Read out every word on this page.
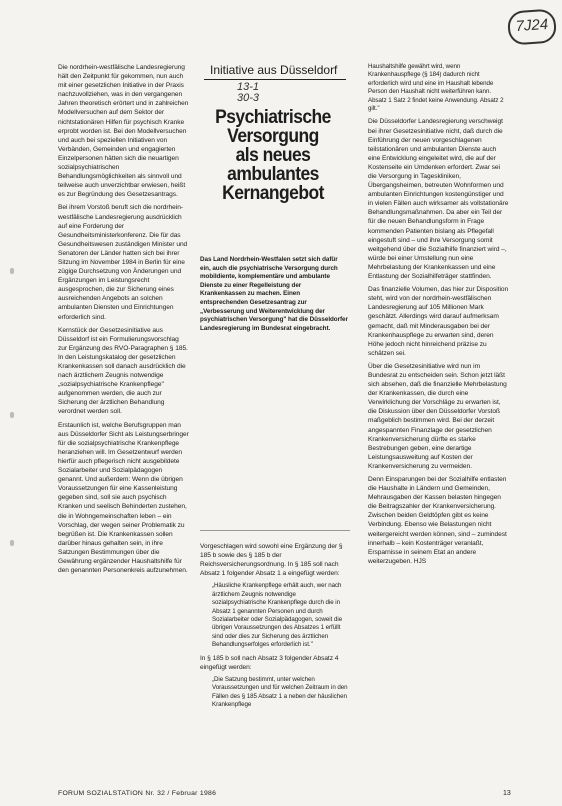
7J24
Initiative aus Düsseldorf
13-1
30-3
Psychiatrische
Versorgung
als neues
ambulantes
Kernangebot

Die nordrhein-westfälische Landesregierung hält den Zeitpunkt für gekommen, nun auch mit einer gesetzlichen Initiative in der Praxis nachzuvollziehen, was in den vergangenen Jahren theoretisch erörtert und in zahlreichen Modellversuchen auf dem Sektor der nichtstationären Hilfen für psychisch Kranke erprobt worden ist. Bei den Modellversuchen und auch bei speziellen Initiativen von Verbänden, Gemeinden und engagierten Einzelpersonen hätten sich die neuartigen sozialpsychiatrischen Behandlungsmöglichkeiten als sinnvoll und teilweise auch unverzichtbar erwiesen, heißt es zur Begründung des Gesetzesantrags.

Bei ihrem Vorstoß beruft sich die nordrhein-westfälische Landesregierung ausdrücklich auf eine Forderung der Gesundheitsministerkonferenz. Die für das Gesundheitswesen zuständigen Minister und Senatoren der Länder hatten sich bei ihrer Sitzung im November 1984 in Berlin für eine zügige Durchsetzung von Änderungen und Ergänzungen im Leistungsrecht ausgesprochen, die zur Sicherung eines ausreichenden Angebots an solchen ambulanten Diensten und Einrichtungen erforderlich sind.

Kernstück der Gesetzesinitiative aus Düsseldorf ist ein Formulierungsvorschlag zur Ergänzung des RVO-Paragraphen § 185. In den Leistungskatalog der gesetzlichen Krankenkassen soll danach ausdrücklich die nach ärztlichem Zeugnis notwendige „sozialpsychiatrische Krankenpflege" aufgenommen werden, die auch zur Sicherung der ärztlichen Behandlung verordnet werden soll.

Erstaunlich ist, welche Berufsgruppen man aus Düsseldorfer Sicht als Leistungserbringer für die sozialpsychiatrische Krankenpflege heranziehen will. Im Gesetzentwurf werden hierfür auch pflegerisch nicht ausgebildete Sozialarbeiter und Sozialpädagogen genannt. Und außerdem: Wenn die übrigen Voraussetzungen für eine Kassenleistung gegeben sind, soll sie auch psychisch Kranken und seelisch Behinderten zustehen, die in Wohngemeinschaften leben – ein Vorschlag, der wegen seiner Problematik zu begrüßen ist. Die Krankenkassen sollen darüber hinaus gehalten sein, in ihre Satzungen Bestimmungen über die Gewährung ergänzender Haushaltshilfe für den genannten Personenkreis aufzunehmen.

Das Land Nordrhein-Westfalen setzt sich dafür ein, auch die psychiatrische Versorgung durch mobildiente, komplementäre und ambulante Dienste zu einer Regelleistung der Krankenkassen zu machen. Einen entsprechenden Gesetzesantrag zur „Verbesserung und Weiterentwicklung der psychiatrischen Versorgung" hat die Düsseldorfer Landesregierung im Bundesrat eingebracht.

Vorgeschlagen wird sowohl eine Ergänzung der § 185 b sowie des § 185 b der Reichsversicherungsordnung. In § 185 soll nach Absatz 1 folgender Absatz 1 a eingefügt werden:

„Häusliche Krankenpflege erhält auch, wer nach ärztlichem Zeugnis notwendige sozialpsychiatrische Krankenpflege durch die in Absatz 1 genannten Personen und durch Sozialarbeiter oder Sozialpädagogen, soweit die übrigen Voraussetzungen des Absatzes 1 erfüllt sind oder dies zur Sicherung des ärztlichen Behandlungserfolges erforderlich ist."

In § 185 b soll nach Absatz 3 folgender Absatz 4 eingefügt werden:

„Die Satzung bestimmt, unter welchen Voraussetzungen und für welchen Zeitraum in den Fällen des § 185 Absatz 1 a neben der häuslichen Krankenpflege

Haushaltshilfe gewährt wird, wenn Krankenhauspflege (§ 184) dadurch nicht erforderlich wird und eine im Haushalt lebende Person den Haushalt nicht weiterführen kann. Absatz 1 Satz 2 findet keine Anwendung. Absatz 2 gilt."

Die Düsseldorfer Landesregierung verschweigt bei ihrer Gesetzesinitiative nicht, daß durch die Einführung der neuen vorgeschlagenen teilstationären und ambulanten Dienste auch eine Entwicklung eingeleitet wird, die auf der Kostenseite ein Umdenken erfordert. Zwar sei die Versorgung in Tageskliniken, Übergangsheimen, betreuten Wohnformen und ambulanten Einrichtungen kostengünstiger und in vielen Fällen auch wirksamer als vollstationäre Behandlungsmaßnahmen. Da aber ein Teil der für die neuen Behandlungsform in Frage kommenden Patienten bislang als Pflegefall eingestuft sind – und ihre Versorgung somit weitgehend über die Sozialhilfe finanziert wird –, würde bei einer Umstellung nun eine Mehrbelastung der Krankenkassen und eine Entlastung der Sozialhilfeträger stattfinden.

Das finanzielle Volumen, das hier zur Disposition steht, wird von der nordrhein-westfälischen Landesregierung auf 105 Millionen Mark geschätzt. Allerdings wird darauf aufmerksam gemacht, daß mit Minderausgaben bei der Krankenhauspflege zu erwarten sind, deren Höhe jedoch nicht hinreichend präzise zu schätzen sei.

Über die Gesetzesinitiative wird nun im Bundesrat zu entscheiden sein. Schon jetzt läßt sich absehen, daß die finanzielle Mehrbelastung der Krankenkassen, die durch eine Verwirklichung der Vorschläge zu erwarten ist, die Diskussion über den Düsseldorfer Vorstoß maßgeblich bestimmen wird. Bei der derzeit angespannten Finanzlage der gesetzlichen Krankenversicherung dürfte es starke Bestrebungen geben, eine derartige Leistungsausweitung auf Kosten der Krankenversicherung zu vermeiden.

Denn Einsparungen bei der Sozialhilfe entlasten die Haushalte in Ländern und Gemeinden, Mehrausgaben der Kassen belasten hingegen die Beitragszahler der Krankenversicherung. Zwischen beiden Geldtöpfen gibt es keine Verbindung. Ebenso wie Belastungen nicht weitergereicht werden können, sind – zumindest innerhalb – kein Kostenträger veranlaßt, Ersparnisse in seinem Etat an andere weiterzugeben. HJS

FORUM SOZIALSTATION Nr. 32 / Februar 1986	13
